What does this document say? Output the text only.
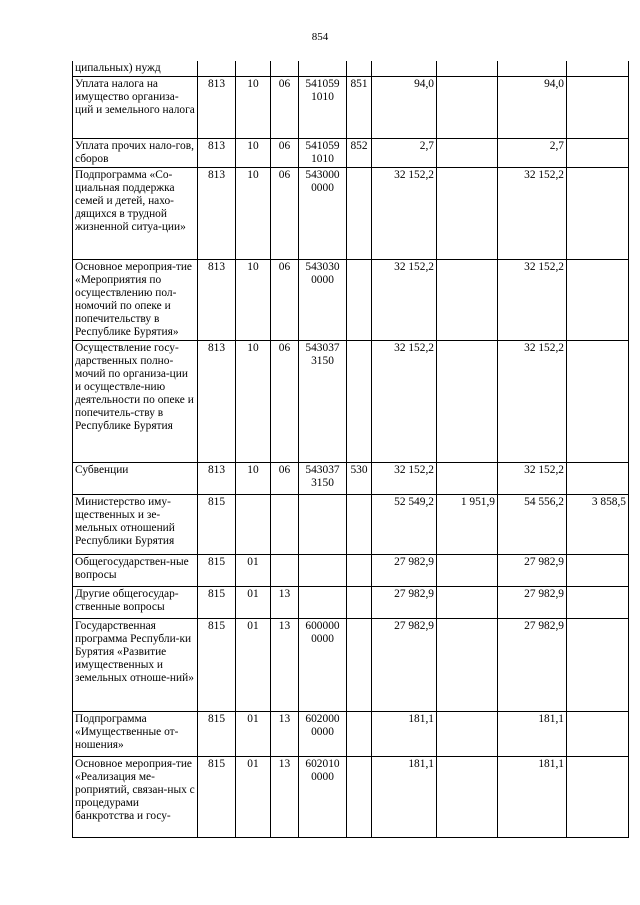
854
ципальных) нужд									
Уплата налога на имущество организа-ций и земельного налога	813	10	06	541059 1010	851	94,0		94,0	
Уплата прочих нало-гов, сборов	813	10	06	541059 1010	852	2,7		2,7	
Подпрограмма «Со-циальная поддержка семей и детей, нахо-дящихся в трудной жизненной ситуа-ции»	813	10	06	543000 0000		32 152,2		32 152,2	
Основное мероприя-тие «Мероприятия по осуществлению пол-номочий по опеке и попечительству в Республике Бурятия»	813	10	06	543030 0000		32 152,2		32 152,2	
Осуществление госу-дарственных полно-мочий по организа-ции и осуществле-нию деятельности по опеке и попечитель-ству в Республике Бурятия	813	10	06	543037 3150		32 152,2		32 152,2	
Субвенции	813	10	06	543037 3150	530	32 152,2		32 152,2	
Министерство иму-щественных и зе-мельных отношений Республики Бурятия	815					52 549,2	1 951,9	54 556,2	3 858,5
Общегосударствен-ные вопросы	815	01				27 982,9		27 982,9	
Другие общегосудар-ственные вопросы	815	01	13			27 982,9		27 982,9	
Государственная программа Республи-ки Бурятия «Развитие имущественных и земельных отноше-ний»	815	01	13	600000 0000		27 982,9		27 982,9	
Подпрограмма «Имущественные от-ношения»	815	01	13	602000 0000		181,1		181,1	
Основное мероприя-тие «Реализация ме-роприятий, связан-ных с процедурами банкротства и госу-	815	01	13	602010 0000		181,1		181,1	
